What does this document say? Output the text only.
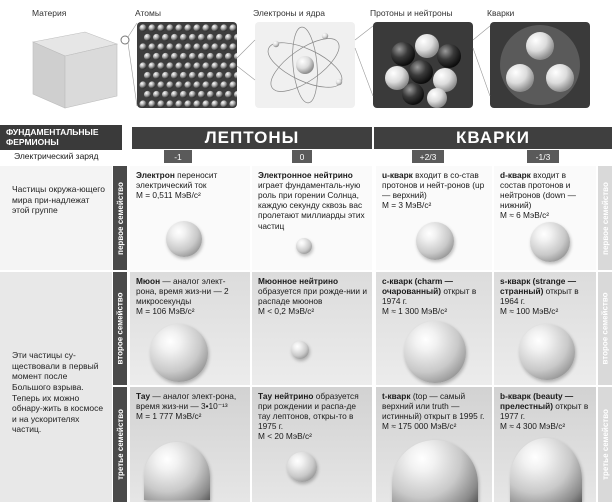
Материя	Атомы	Электроны и ядра	Протоны и нейтроны	Кварки
ФУНДАМЕНТАЛЬНЫЕ ФЕРМИОНЫ	ЛЕПТОНЫ	КВАРКИ
Электрический заряд	-1	0	+2/3	-1/3
Электрон переносит электрический ток
M = 0,511 МэВ/c²
Электронное нейтрино играет фундаменталь-ную роль при горении Солнца, каждую секунду сквозь вас пролетают миллиарды этих частиц
u-кварк входит в со-став протонов и нейт-ронов (up — верхний)
M = 3 МэВ/c²
d-кварк входит в состав протонов и нейтронов (down — нижний)
M ≈ 6 МэВ/c²
Мюон — аналог элект-рона, время жиз-ни — 2 микросекунды
M = 106 МэВ/c²
Мюонное нейтрино образуется при рожде-нии и распаде мюонов
M < 0,2 МэВ/c²
c-кварк (charm — очарованный) открыт в 1974 г.
M ≈ 1 300 МэВ/c²
s-кварк (strange — странный) открыт в 1964 г.
M ≈ 100 МэВ/c²
Тау — аналог элект-рона, время жиз-ни — 3•10⁻¹³
M = 1 777 МэВ/c²
Тау нейтрино образуется при рождении и распа-де тау лептонов, откры-то в 1975 г.
M < 20 МэВ/c²
t-кварк (top — самый верхний или truth — истинный) открыт в 1995 г.
M ≈ 175 000 МэВ/c²
b-кварк (beauty — прелестный) открыт в 1977 г.
M ≈ 4 300 МэВ/c²
первое семейство
второе семейство
третье семейство
первое семейство
второе семейство
третье семейство
Частицы окружа-ющего мира при-надлежат этой группе
Эти частицы су-ществовали в первый момент после Большого взрыва. Теперь их можно обнару-жить в космосе и на ускорителях частиц.
